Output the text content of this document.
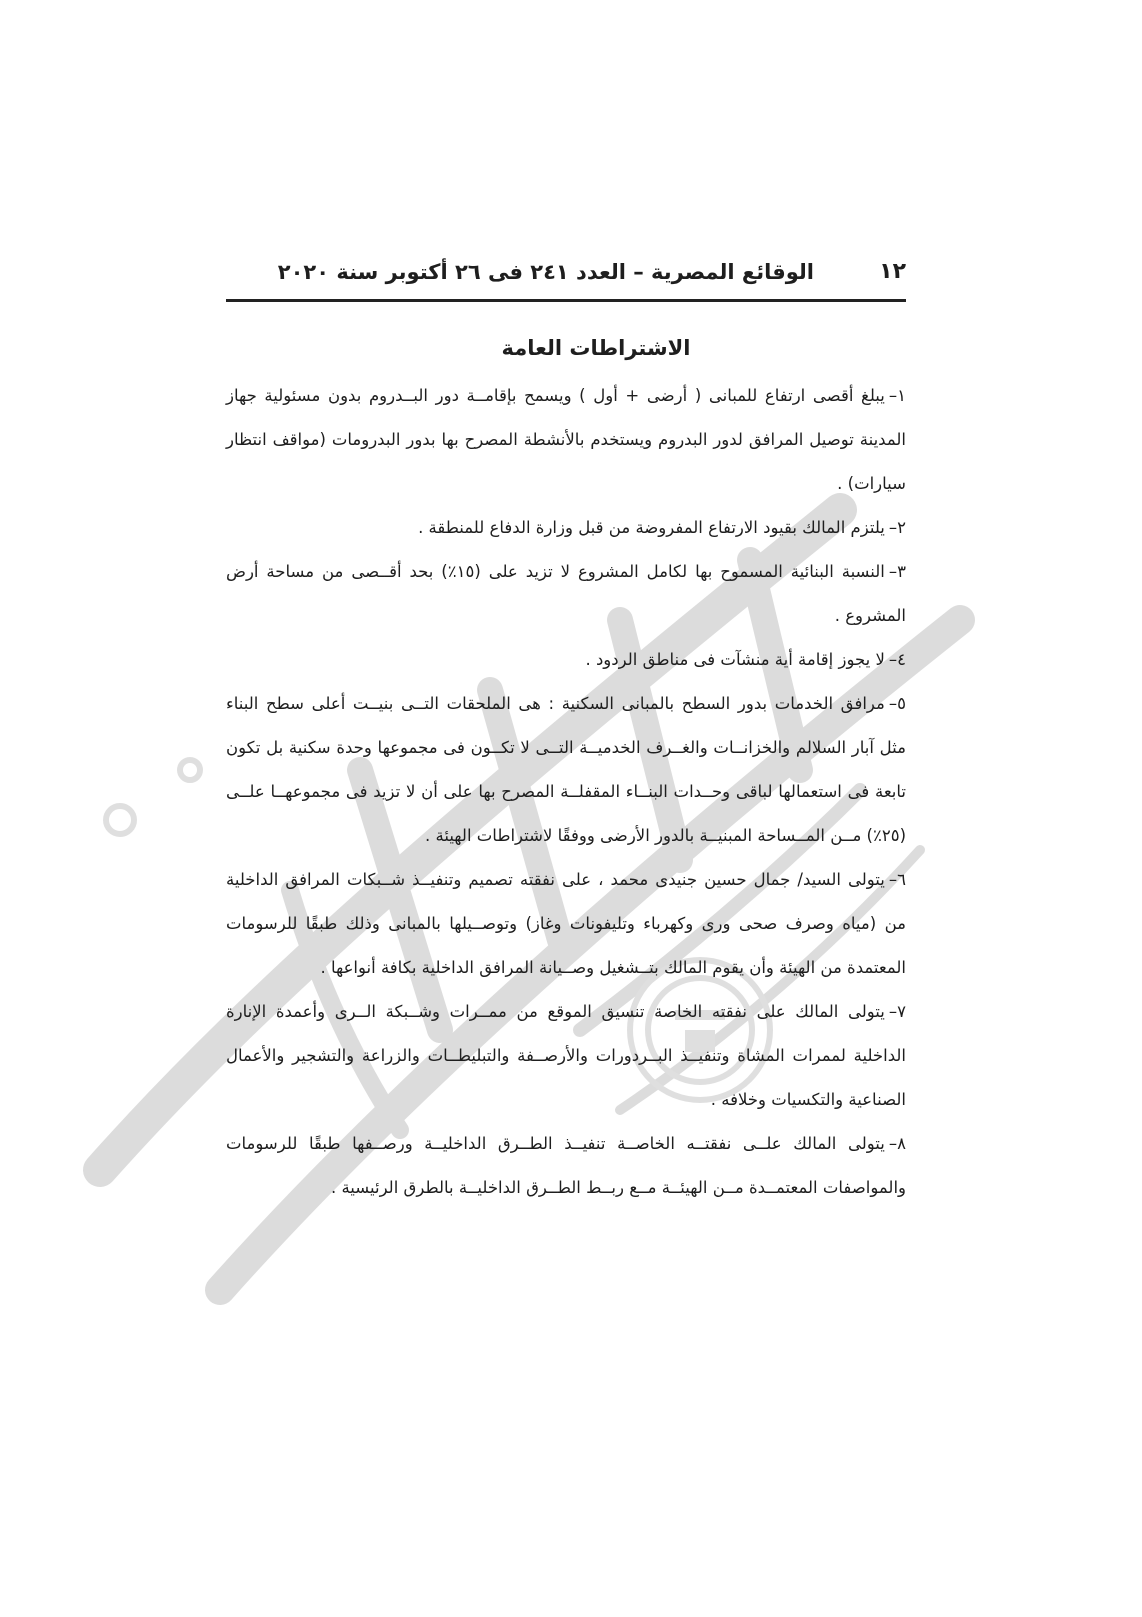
١٢
الوقائع المصرية – العدد ٢٤١ فى ٢٦ أكتوبر سنة ٢٠٢٠
الاشتراطات العامة

١–يبلغ أقصى ارتفاع للمبانى ( أرضى + أول ) ويسمح بإقامــة دور البــدروم بدون مسئولية جهاز المدينة توصيل المرافق لدور البدروم ويستخدم بالأنشطة المصرح بها بدور البدرومات (مواقف انتظار سيارات) .

٢–يلتزم المالك بقيود الارتفاع المفروضة من قبل وزارة الدفاع للمنطقة .

٣–النسبة البنائية المسموح بها لكامل المشروع لا تزيد على (١٥٪) بحد أقــصى من مساحة أرض المشروع .

٤–لا يجوز إقامة أية منشآت فى مناطق الردود .

٥–مرافق الخدمات بدور السطح بالمبانى السكنية : هى الملحقات التــى بنيــت أعلى سطح البناء مثل آبار السلالم والخزانــات والغــرف الخدميــة التــى لا تكــون فى مجموعها وحدة سكنية بل تكون تابعة فى استعمالها لباقى وحــدات البنــاء المقفلــة المصرح بها على أن لا تزيد فى مجموعهــا علــى (٢٥٪) مــن المــساحة المبنيــة بالدور الأرضى ووفقًا لاشتراطات الهيئة .

٦–يتولى السيد/ جمال حسين جنيدى محمد ، على نفقته تصميم وتنفيــذ شــبكات المرافق الداخلية من (مياه وصرف صحى ورى وكهرباء وتليفونات وغاز) وتوصــيلها بالمبانى وذلك طبقًا للرسومات المعتمدة من الهيئة وأن يقوم المالك بتــشغيل وصــيانة المرافق الداخلية بكافة أنواعها .

٧–يتولى المالك على نفقته الخاصة تنسيق الموقع من ممــرات وشــبكة الــرى وأعمدة الإنارة الداخلية لممرات المشاة وتنفيــذ البــردورات والأرصــفة والتبليطــات والزراعة والتشجير والأعمال الصناعية والتكسيات وخلافه .

٨–يتولى المالك علــى نفقتــه الخاصــة تنفيــذ الطــرق الداخليــة ورصــفها طبقًا للرسومات والمواصفات المعتمــدة مــن الهيئــة مــع ربــط الطــرق الداخليــة بالطرق الرئيسية .
